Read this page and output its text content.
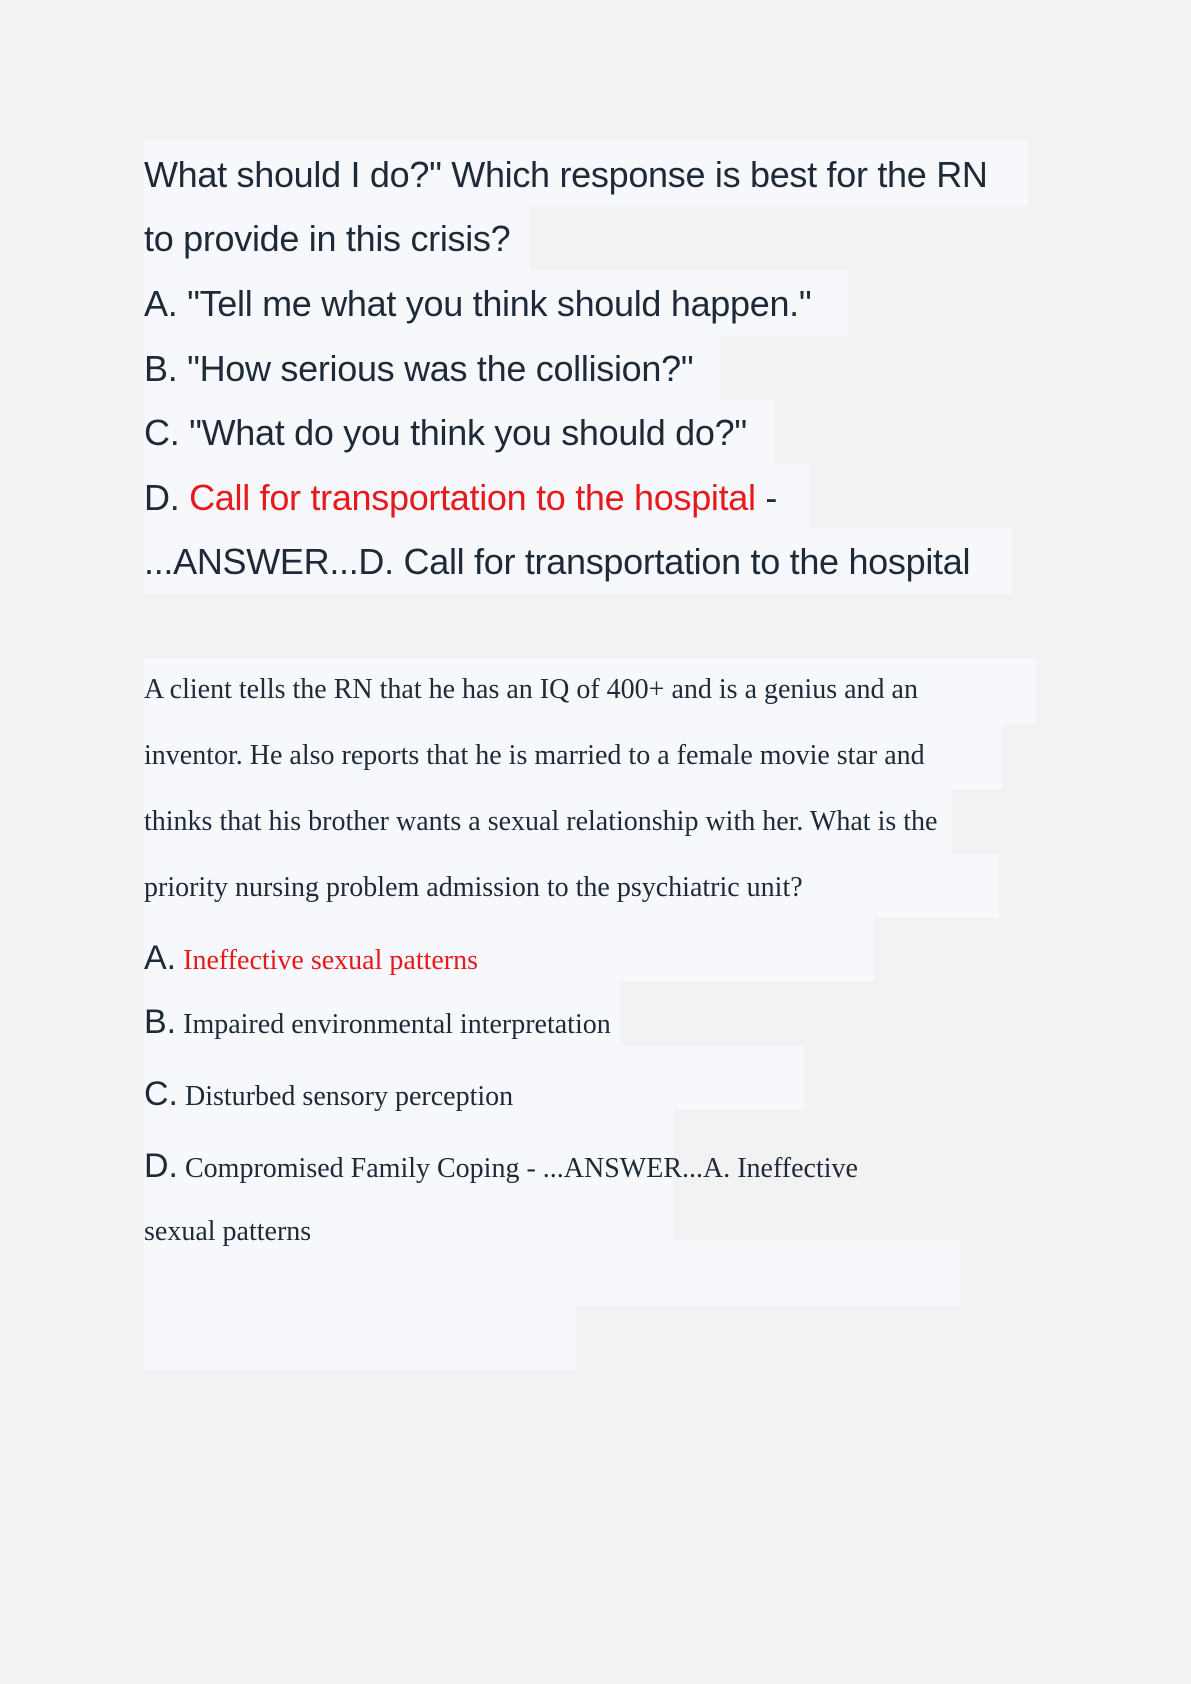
What should I do?" Which response is best for the RN
to provide in this crisis?
A. "Tell me what you think should happen."
B. "How serious was the collision?"
C. "What do you think you should do?"
D. Call for transportation to the hospital -
...ANSWER...D. Call for transportation to the hospital
A client tells the RN that he has an IQ of 400+ and is a genius and an
inventor. He also reports that he is married to a female movie star and
thinks that his brother wants a sexual relationship with her. What is the
priority nursing problem admission to the psychiatric unit?
A. Ineffective sexual patterns
B. Impaired environmental interpretation
C. Disturbed sensory perception
D. Compromised Family Coping - ...ANSWER...A. Ineffective
sexual patterns
